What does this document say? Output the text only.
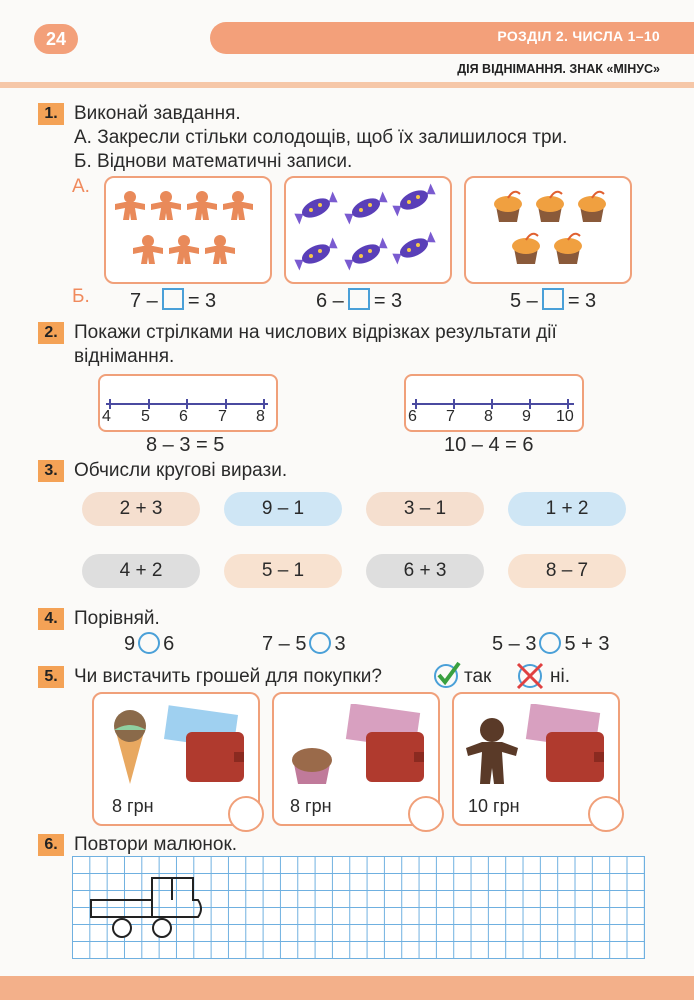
24	РОЗДІЛ 2. ЧИСЛА 1–10
ДІЯ ВІДНІМАННЯ. ЗНАК «МІНУС»
1. Виконай завдання.
А. Закресли стільки солодощів, щоб їх залишилося три.
Б. Віднови математичні записи.
А.
Б. 7 – = 3	6 – = 3	5 – = 3
2. Покажи стрілками на числових відрізках результати дії віднімання.
4 5 6 7 8
8 – 3 = 5
6 7 8 9 10
10 – 4 = 6
3. Обчисли кругові вирази.
2 + 3	9 – 1	3 – 1	1 + 2
4 + 2	5 – 1	6 + 3	8 – 7
4. Порівняй.
9 6	7 – 5 3	5 – 3 5 + 3
5. Чи вистачить грошей для покупки?	так	ні.
8 грн	8 грн	10 грн
6. Повтори малюнок.
